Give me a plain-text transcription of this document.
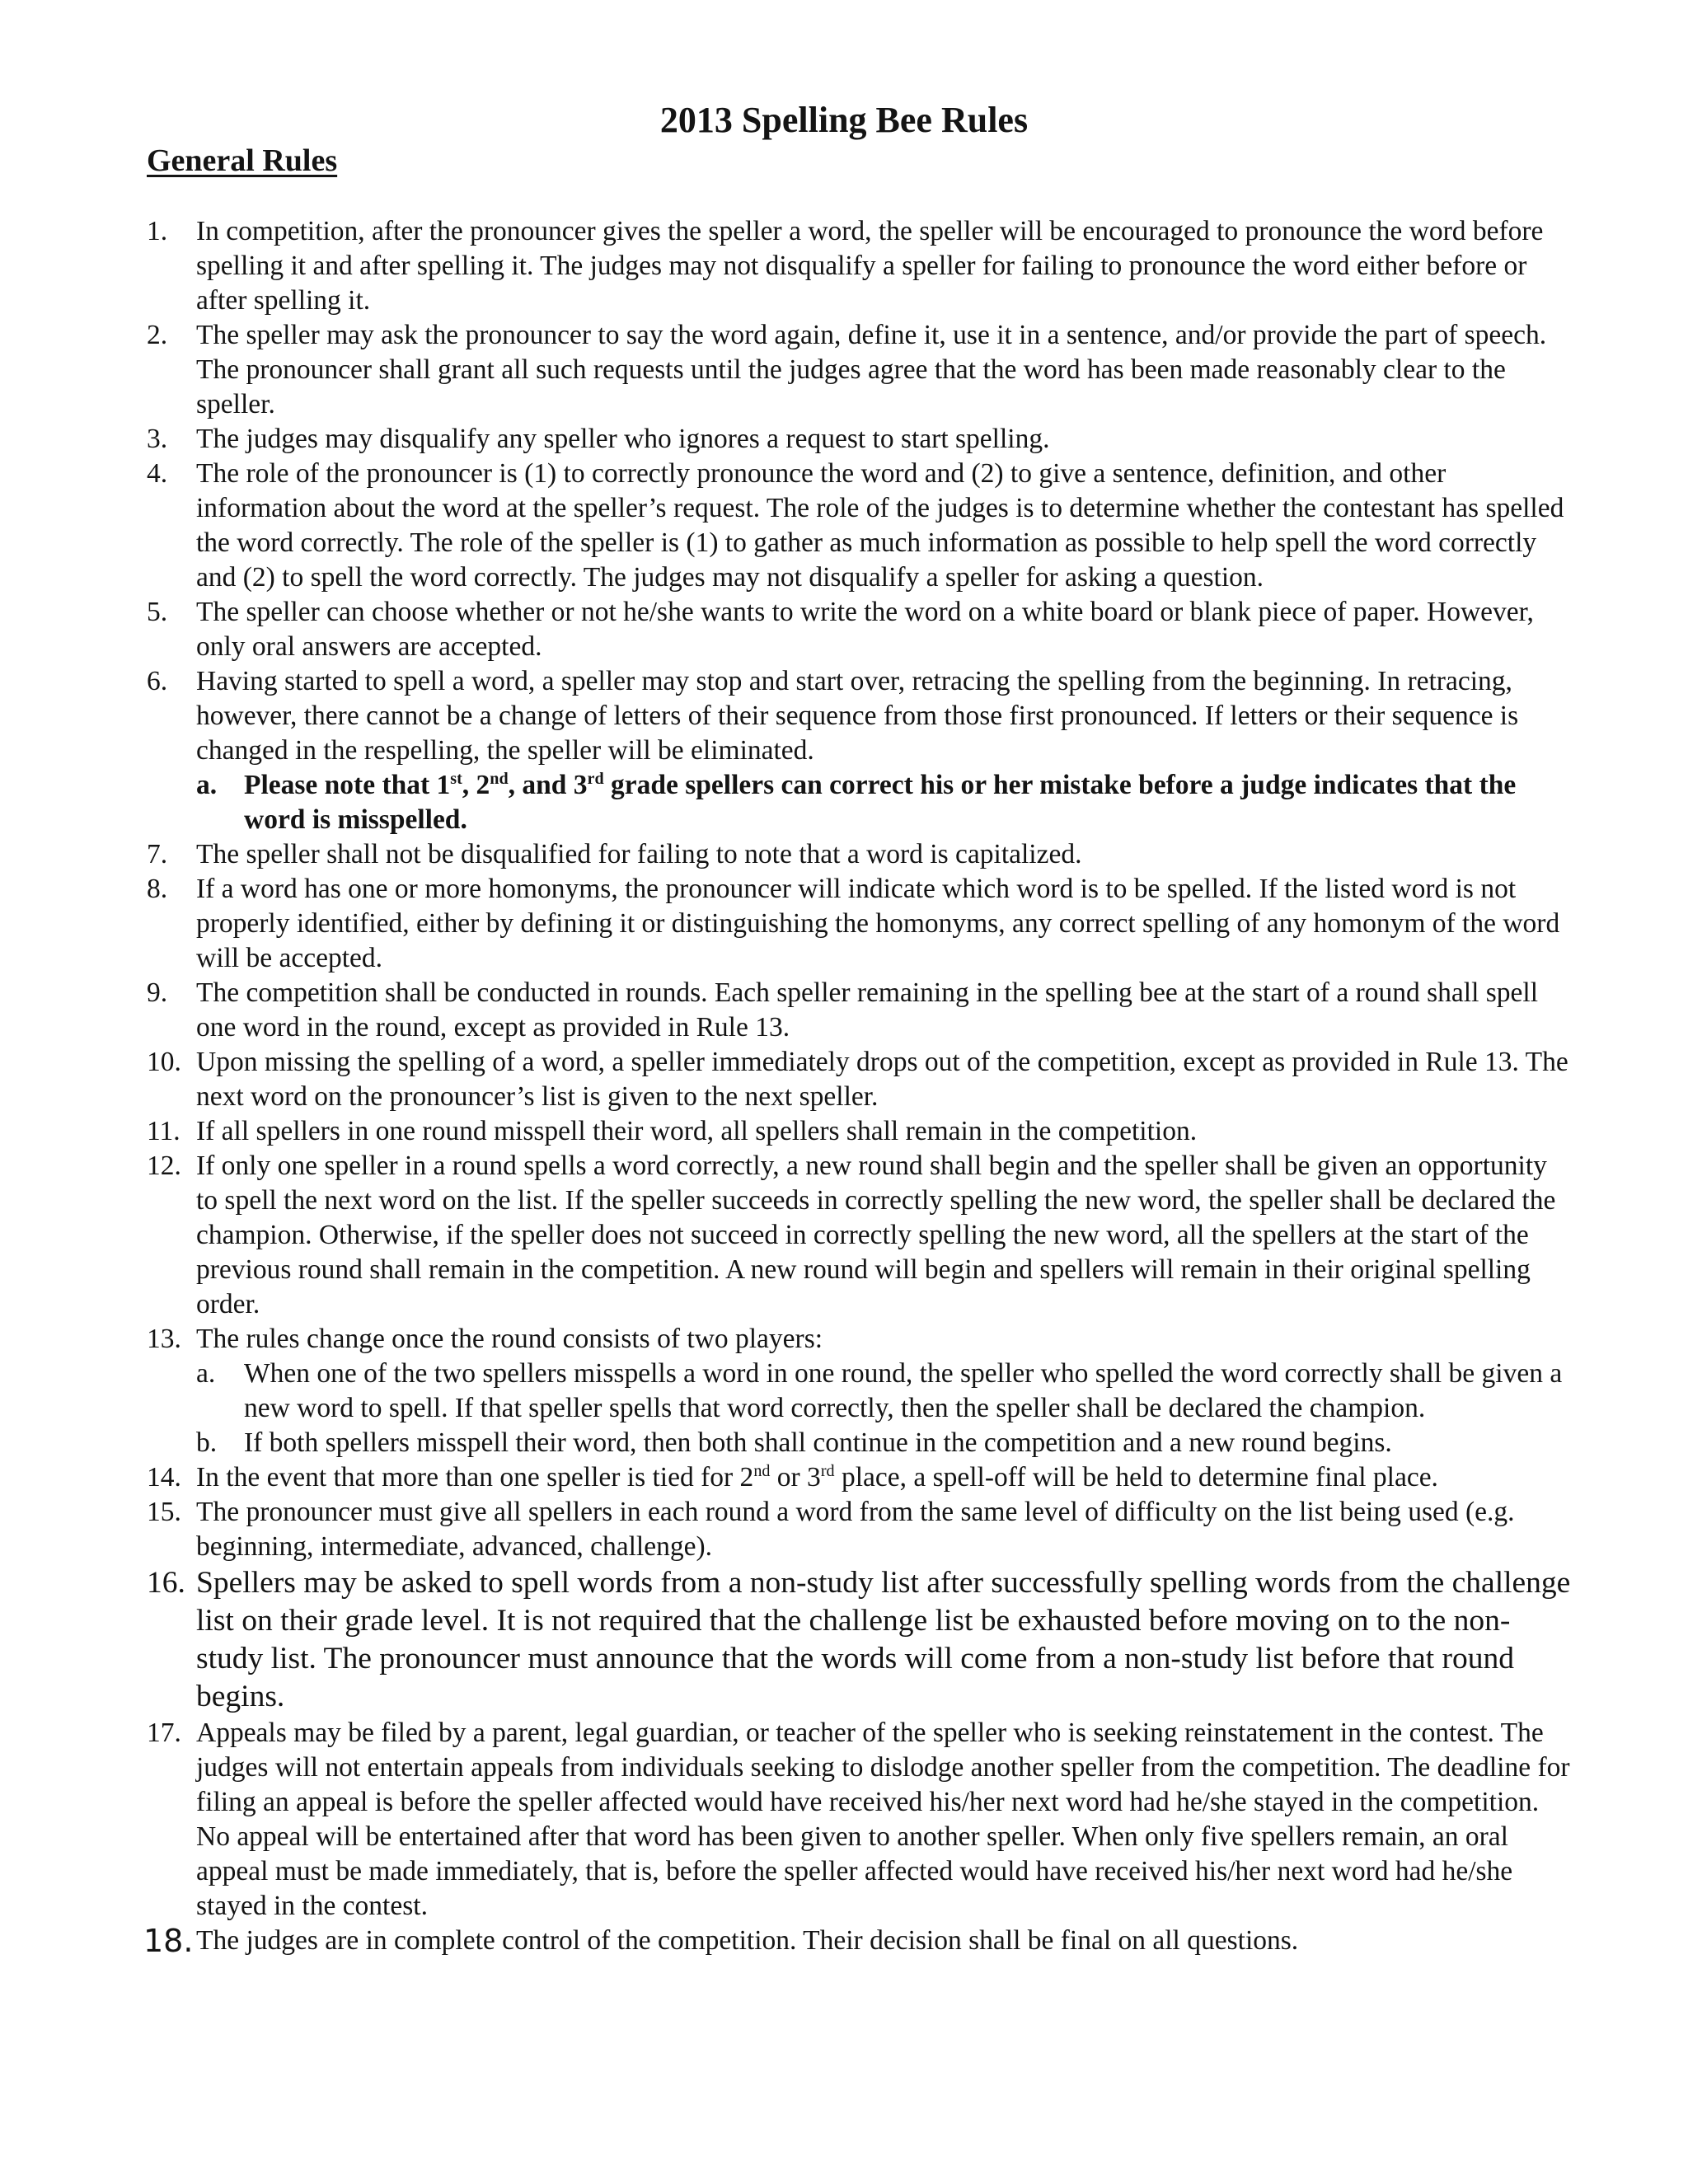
2013 Spelling Bee Rules
General Rules
1.	In competition, after the pronouncer gives the speller a word, the speller will be encouraged to pronounce the word before spelling it and after spelling it. The judges may not disqualify a speller for failing to pronounce the word either before or after spelling it.
2.	The speller may ask the pronouncer to say the word again, define it, use it in a sentence, and/or provide the part of speech. The pronouncer shall grant all such requests until the judges agree that the word has been made reasonably clear to the speller.
3.	The judges may disqualify any speller who ignores a request to start spelling.
4.	The role of the pronouncer is (1) to correctly pronounce the word and (2) to give a sentence, definition, and other information about the word at the speller’s request. The role of the judges is to determine whether the contestant has spelled the word correctly. The role of the speller is (1) to gather as much information as possible to help spell the word correctly and (2) to spell the word correctly. The judges may not disqualify a speller for asking a question.
5.	The speller can choose whether or not he/she wants to write the word on a white board or blank piece of paper. However, only oral answers are accepted.
6.	Having started to spell a word, a speller may stop and start over, retracing the spelling from the beginning. In retracing, however, there cannot be a change of letters of their sequence from those first pronounced. If letters or their sequence is changed in the respelling, the speller will be eliminated.
a. Please note that 1st, 2nd, and 3rd grade spellers can correct his or her mistake before a judge indicates that the word is misspelled.
7.	The speller shall not be disqualified for failing to note that a word is capitalized.
8.	If a word has one or more homonyms, the pronouncer will indicate which word is to be spelled. If the listed word is not properly identified, either by defining it or distinguishing the homonyms, any correct spelling of any homonym of the word will be accepted.
9.	The competition shall be conducted in rounds. Each speller remaining in the spelling bee at the start of a round shall spell one word in the round, except as provided in Rule 13.
10. Upon missing the spelling of a word, a speller immediately drops out of the competition, except as provided in Rule 13. The next word on the pronouncer’s list is given to the next speller.
11. If all spellers in one round misspell their word, all spellers shall remain in the competition.
12. If only one speller in a round spells a word correctly, a new round shall begin and the speller shall be given an opportunity to spell the next word on the list. If the speller succeeds in correctly spelling the new word, the speller shall be declared the champion. Otherwise, if the speller does not succeed in correctly spelling the new word, all the spellers at the start of the previous round shall remain in the competition. A new round will begin and spellers will remain in their original spelling order.
13. The rules change once the round consists of two players:
a.	When one of the two spellers misspells a word in one round, the speller who spelled the word correctly shall be given a new word to spell. If that speller spells that word correctly, then the speller shall be declared the champion.
b. If both spellers misspell their word, then both shall continue in the competition and a new round begins.
14. In the event that more than one speller is tied for 2nd or 3rd place, a spell-off will be held to determine final place.
15. The pronouncer must give all spellers in each round a word from the same level of difficulty on the list being used (e.g. beginning, intermediate, advanced, challenge).
16. Spellers may be asked to spell words from a non-study list after successfully spelling words from the challenge list on their grade level. It is not required that the challenge list be exhausted before moving on to the non-study list. The pronouncer must announce that the words will come from a non-study list before that round begins.
17. Appeals may be filed by a parent, legal guardian, or teacher of the speller who is seeking reinstatement in the contest. The judges will not entertain appeals from individuals seeking to dislodge another speller from the competition. The deadline for filing an appeal is before the speller affected would have received his/her next word had he/she stayed in the competition. No appeal will be entertained after that word has been given to another speller. When only five spellers remain, an oral appeal must be made immediately, that is, before the speller affected would have received his/her next word had he/she stayed in the contest.
18. The judges are in complete control of the competition. Their decision shall be final on all questions.
